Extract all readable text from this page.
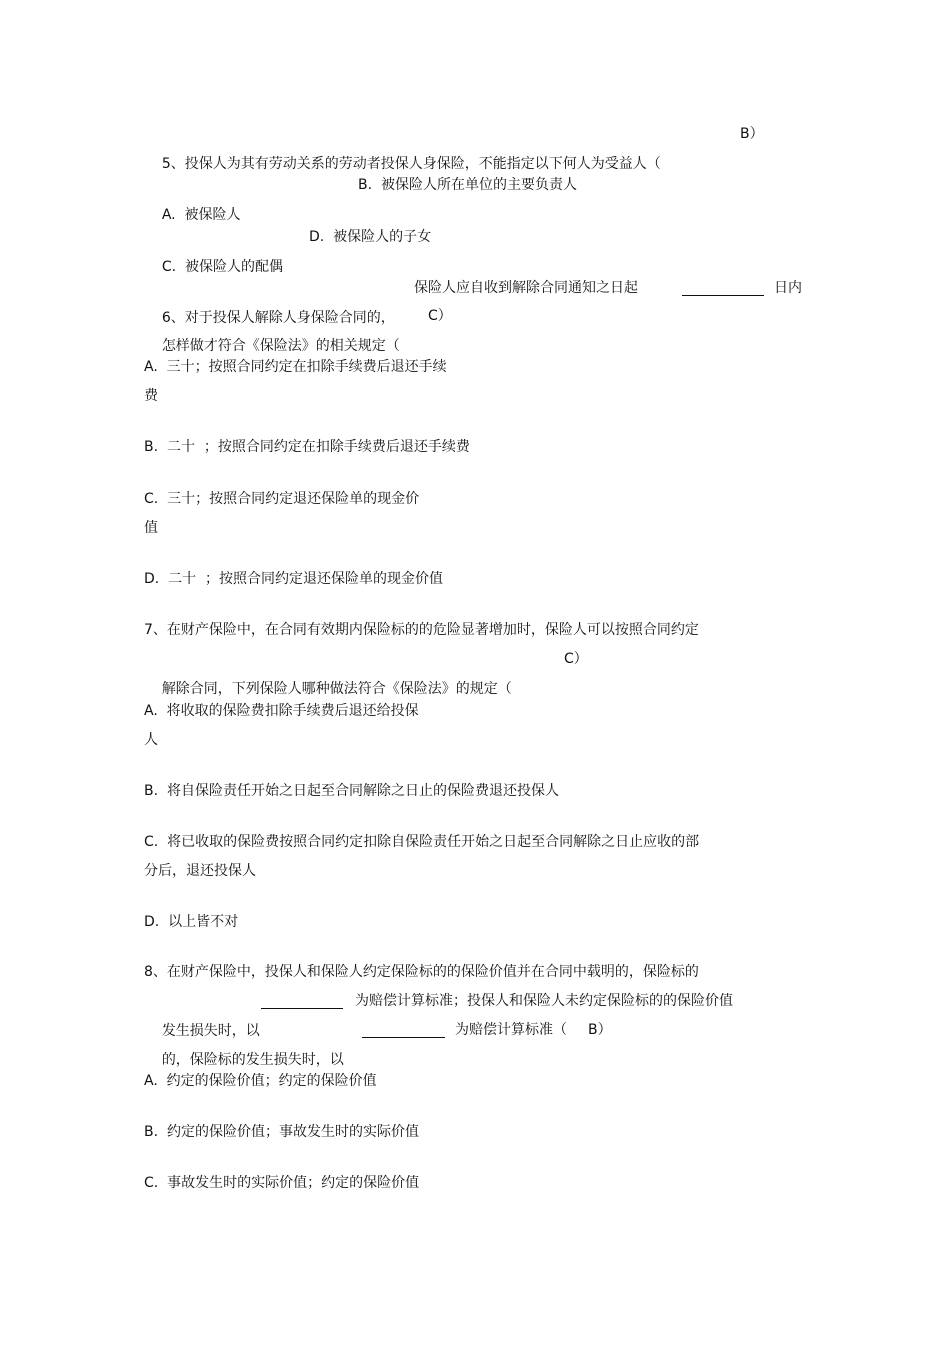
5、投保人为其有劳动关系的劳动者投保人身保险，不能指定以下何人为受益人（

B）

A.  被保险人

B.  被保险人所在单位的主要负责人

C.  被保险人的配偶

D.  被保险人的子女

6、对于投保人解除人身保险合同的，

保险人应自收到解除合同通知之日起

	日内

怎样做才符合《保险法》的相关规定（

C）

A.  三十；按照合同约定在扣除手续费后退还手续
费
B.  二十  ；按照合同约定在扣除手续费后退还手续费
C.  三十；按照合同约定退还保险单的现金价
值
D.  二十  ；按照合同约定退还保险单的现金价值
7、在财产保险中，在合同有效期内保险标的的危险显著增加时，保险人可以按照合同约定

解除合同，下列保险人哪种做法符合《保险法》的规定（

C）

A.  将收取的保险费扣除手续费后退还给投保
人
B.  将自保险责任开始之日起至合同解除之日止的保险费退还投保人
C.  将已收取的保险费按照合同约定扣除自保险责任开始之日起至合同解除之日止应收的部
分后，退还投保人
D.  以上皆不对
8、在财产保险中，投保人和保险人约定保险标的的保险价值并在合同中载明的，保险标的

发生损失时，以

为赔偿计算标准；投保人和保险人未约定保险标的的保险价值

的，保险标的发生损失时，以

为赔偿计算标准（

B）

A.  约定的保险价值；约定的保险价值
B.  约定的保险价值；事故发生时的实际价值
C.  事故发生时的实际价值；约定的保险价值
